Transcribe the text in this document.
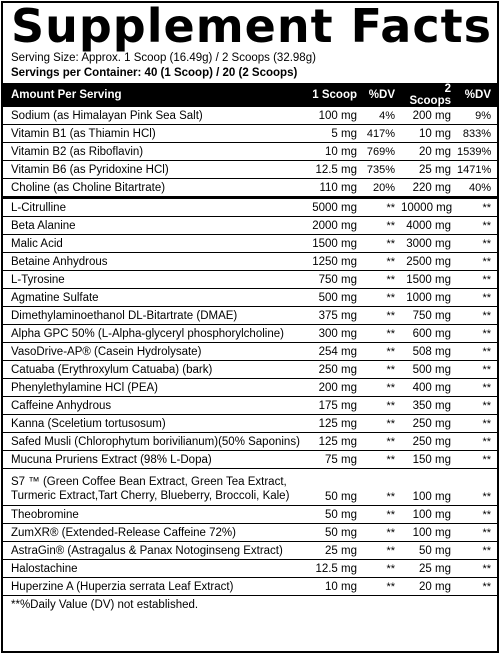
Supplement Facts
Serving Size: Approx. 1 Scoop (16.49g) / 2 Scoops (32.98g)
Servings per Container: 40 (1 Scoop) / 20 (2 Scoops)
Amount Per Serving	1 Scoop	%DV	2 Scoops	%DV
Sodium (as Himalayan Pink Sea Salt)	100 mg	4%	200 mg	9%
Vitamin B1 (as Thiamin HCl)	5 mg	417%	10 mg	833%
Vitamin B2 (as Riboflavin)	10 mg	769%	20 mg	1539%
Vitamin B6 (as Pyridoxine HCl)	12.5 mg	735%	25 mg	1471%
Choline (as Choline Bitartrate)	110 mg	20%	220 mg	40%
L-Citrulline	5000 mg	**	10000 mg	**
Beta Alanine	2000 mg	**	4000 mg	**
Malic Acid	1500 mg	**	3000 mg	**
Betaine Anhydrous	1250 mg	**	2500 mg	**
L-Tyrosine	750 mg	**	1500 mg	**
Agmatine Sulfate	500 mg	**	1000 mg	**
Dimethylaminoethanol DL-Bitartrate (DMAE)	375 mg	**	750 mg	**
Alpha GPC 50% (L-Alpha-glyceryl phosphorylcholine)	300 mg	**	600 mg	**
VasoDrive-AP® (Casein Hydrolysate)	254 mg	**	508 mg	**
Catuaba (Erythroxylum Catuaba) (bark)	250 mg	**	500 mg	**
Phenylethylamine HCl (PEA)	200 mg	**	400 mg	**
Caffeine Anhydrous	175 mg	**	350 mg	**
Kanna (Sceletium tortusosum)	125 mg	**	250 mg	**
Safed Musli (Chlorophytum borivilianum)(50% Saponins)	125 mg	**	250 mg	**
Mucuna Pruriens Extract (98% L-Dopa)	75 mg	**	150 mg	**
S7 ™ (Green Coffee Bean Extract, Green Tea Extract, Turmeric Extract,Tart Cherry, Blueberry, Broccoli, Kale)	50 mg	**	100 mg	**
Theobromine	50 mg	**	100 mg	**
ZumXR® (Extended-Release Caffeine 72%)	50 mg	**	100 mg	**
AstraGin® (Astragalus & Panax Notoginseng Extract)	25 mg	**	50 mg	**
Halostachine	12.5 mg	**	25 mg	**
Huperzine A (Huperzia serrata Leaf Extract)	10 mg	**	20 mg	**
**%Daily Value (DV) not established.
